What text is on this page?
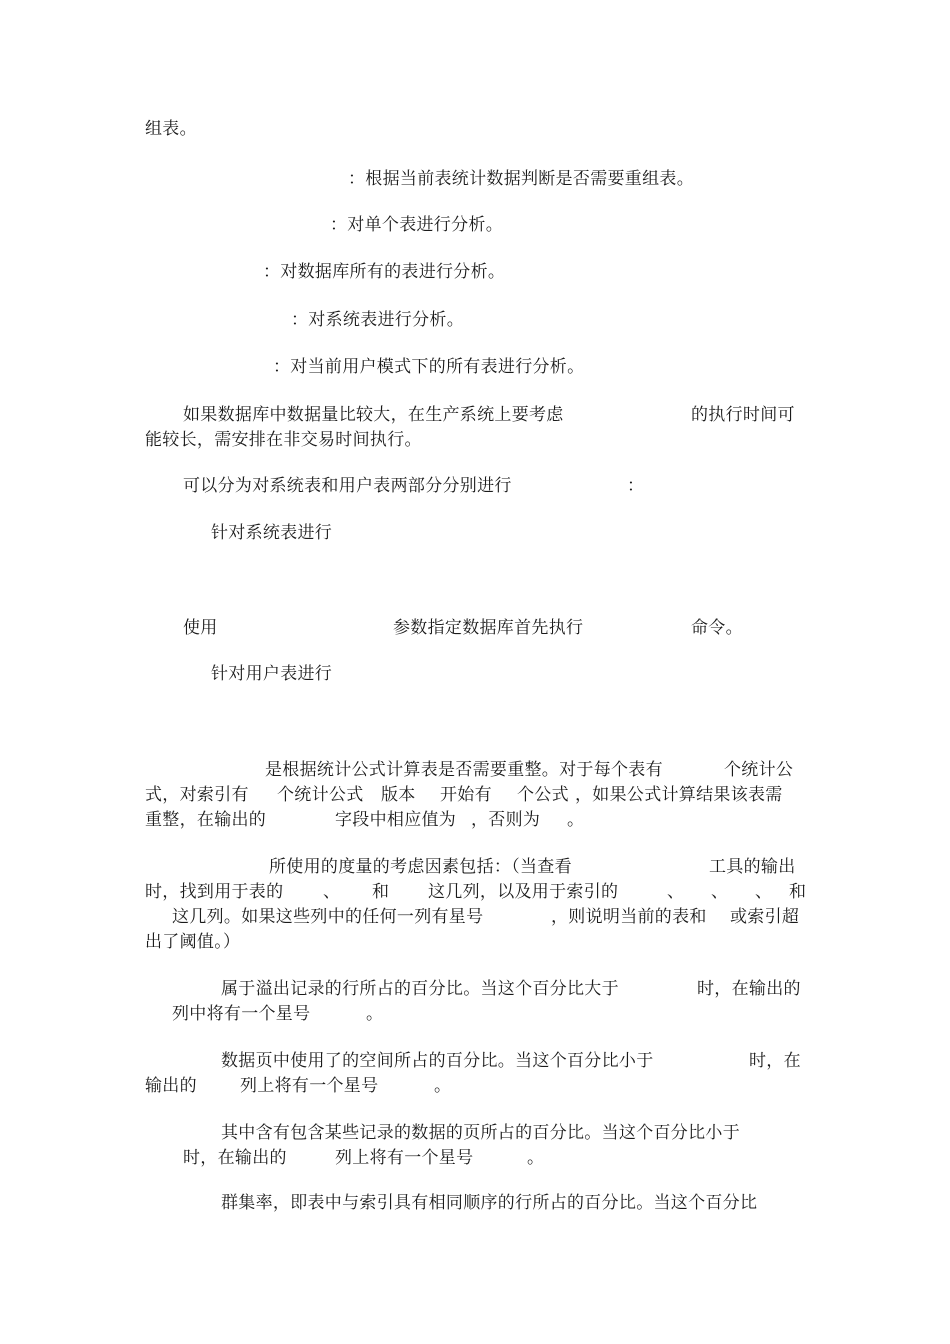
组表。
：根据当前表统计数据判断是否需要重组表。
：对单个表进行分析。
：对数据库所有的表进行分析。
：对系统表进行分析。
：对当前用户模式下的所有表进行分析。
如果数据库中数据量比较大，在生产系统上要考虑	的执行时间可
能较长，需安排在非交易时间执行。
可以分为对系统表和用户表两部分分别进行	：
针对系统表进行
使用	参数指定数据库首先执行	命令。
针对用户表进行
是根据统计公式计算表是否需要重整。对于每个表有	个统计公
式，对索引有 个统计公式 版本 开始有 个公式 ，如果公式计算结果该表需
重整，在输出的	字段中相应值为 ，否则为 。
所使用的度量的考虑因素包括：（当查看	工具的输出
时，找到用于表的 、 和 这几列，以及用于索引的	、 、 、 和
这几列。如果这些列中的任何一列有星号	，则说明当前的表和 或索引超
出了阈值。）
属于溢出记录的行所占的百分比。当这个百分比大于	时，在输出的
列中将有一个星号	。
数据页中使用了的空间所占的百分比。当这个百分比小于	时，在
输出的	列上将有一个星号	。
其中含有包含某些记录的数据的页所占的百分比。当这个百分比小于
时，在输出的	列上将有一个星号	。
群集率，即表中与索引具有相同顺序的行所占的百分比。当这个百分比
